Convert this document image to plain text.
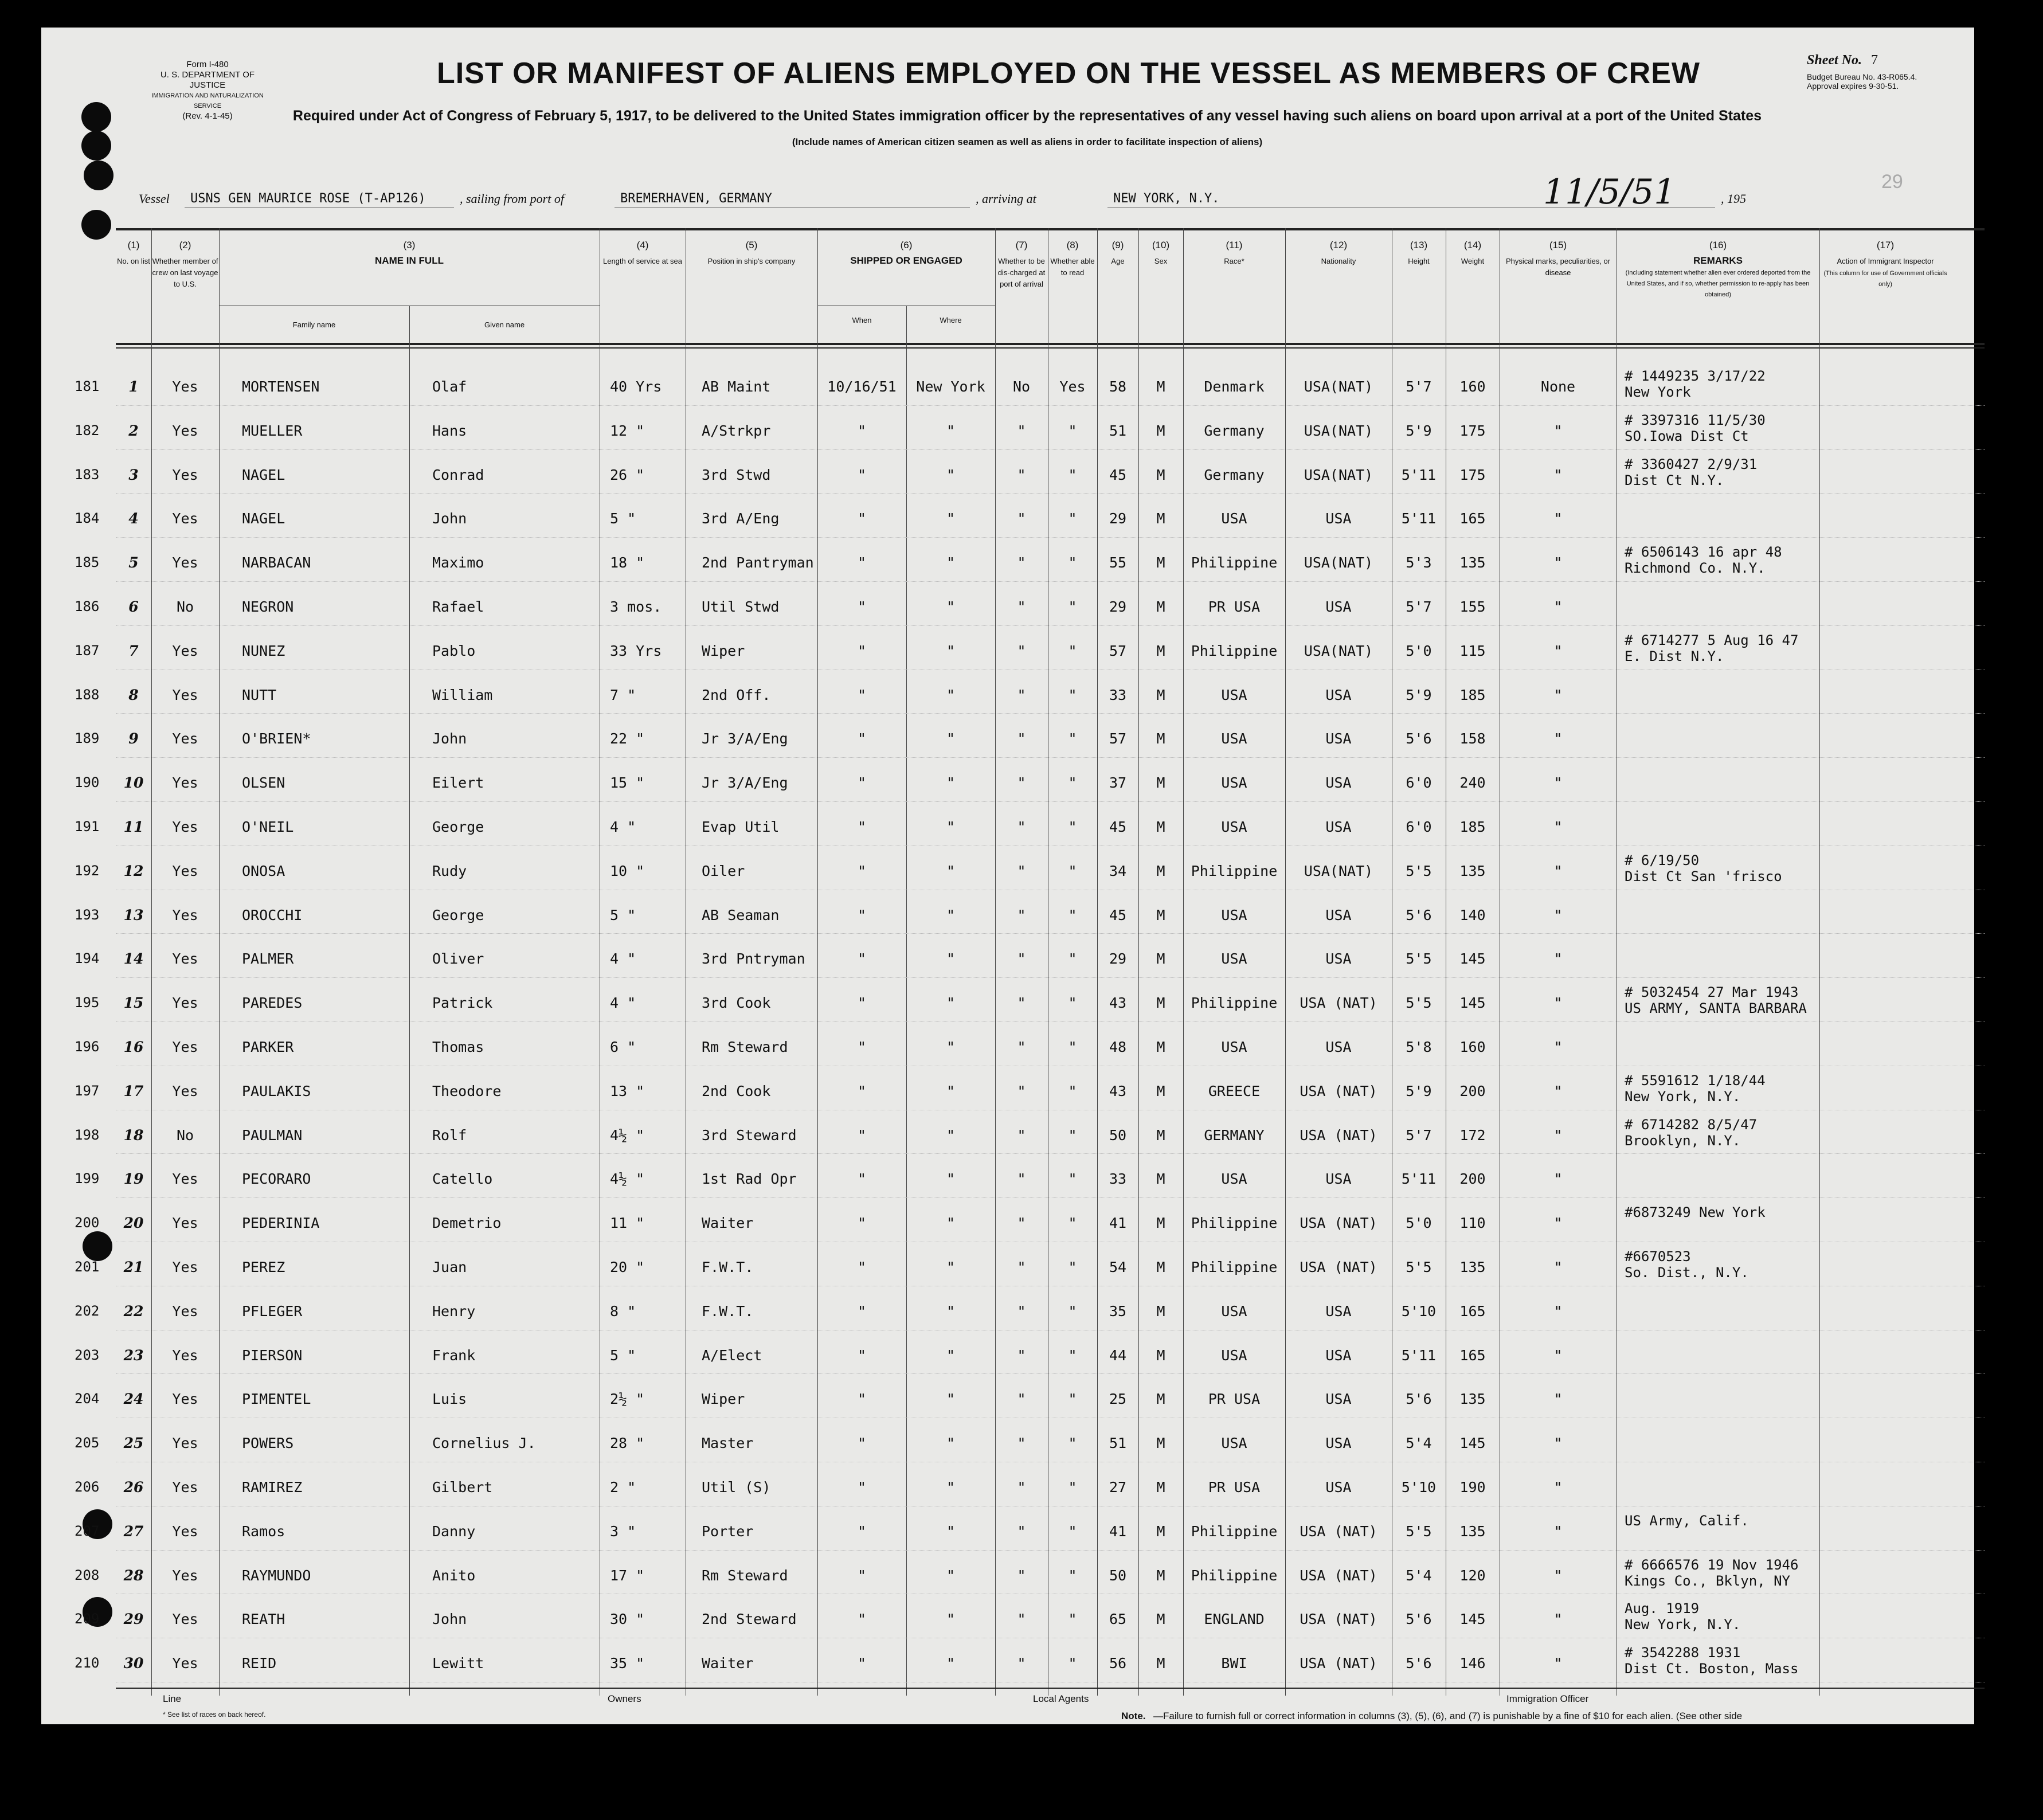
Form I-480
U. S. DEPARTMENT OF JUSTICE
IMMIGRATION AND NATURALIZATION SERVICE
(Rev. 4-1-45)
LIST OR MANIFEST OF ALIENS EMPLOYED ON THE VESSEL AS MEMBERS OF CREW
Required under Act of Congress of February 5, 1917, to be delivered to the United States immigration officer by the representatives of any vessel having such aliens on board upon arrival at a port of the United States
(Include names of American citizen seamen as well as aliens in order to facilitate inspection of aliens)
Sheet No. 7
Budget Bureau No. 43-R065.4.
Approval expires 9-30-51.
29
Vessel USNS GEN MAURICE ROSE (T-AP126)	, sailing from port of	BREMERHAVEN, GERMANY	, arriving at	NEW YORK, N.Y.	11/5/51	, 195
(1)
No. on list
(2)
Whether member of crew on last voyage to U.S.
(3)
NAME IN FULL
Family name	Given name
(4)
Length of service at sea
(5)
Position in ship's company
(6)
SHIPPED OR ENGAGED
When	Where
(7)
Whether to be dis-charged at port of arrival
(8)
Whether able to read
(9)
Age
(10)
Sex
(11)
Race*
(12)
Nationality
(13)
Height
(14)
Weight
(15)
Physical marks, peculiarities, or disease
(16)
REMARKS
(Including statement whether alien ever ordered deported from the United States, and if so, whether permission to re-apply has been obtained)
(17)
Action of Immigrant Inspector
(This column for use of Government officials only)
181	1	Yes	MORTENSEN	Olaf	40 Yrs	AB Maint	10/16/51	New York	No	Yes	58	M	Denmark	USA(NAT)	5'7	160	None
# 1449235 3/17/22
New York
182	2	Yes	MUELLER	Hans	12 "	A/Strkpr	"	"	"	"	51	M	Germany	USA(NAT)	5'9	175	"
# 3397316 11/5/30
SO.Iowa Dist Ct
183	3	Yes	NAGEL	Conrad	26 "	3rd Stwd	"	"	"	"	45	M	Germany	USA(NAT)	5'11	175	"
# 3360427 2/9/31
Dist Ct N.Y.
184	4	Yes	NAGEL	John	5 "	3rd A/Eng	"	"	"	"	29	M	USA	USA	5'11	165	"
185	5	Yes	NARBACAN	Maximo	18 "	2nd Pantryman	"	"	"	"	55	M	Philippine	USA(NAT)	5'3	135	"
# 6506143 16 apr 48
Richmond Co. N.Y.
186	6	No	NEGRON	Rafael	3 mos.	Util Stwd	"	"	"	"	29	M	PR USA	USA	5'7	155	"
187	7	Yes	NUNEZ	Pablo	33 Yrs	Wiper	"	"	"	"	57	M	Philippine	USA(NAT)	5'0	115	"
# 6714277 5 Aug 16 47
E. Dist N.Y.
188	8	Yes	NUTT	William	7 "	2nd Off.	"	"	"	"	33	M	USA	USA	5'9	185	"
189	9	Yes	O'BRIEN*	John	22 "	Jr 3/A/Eng	"	"	"	"	57	M	USA	USA	5'6	158	"
190	10	Yes	OLSEN	Eilert	15 "	Jr 3/A/Eng	"	"	"	"	37	M	USA	USA	6'0	240	"
191	11	Yes	O'NEIL	George	4 "	Evap Util	"	"	"	"	45	M	USA	USA	6'0	185	"
192	12	Yes	ONOSA	Rudy	10 "	Oiler	"	"	"	"	34	M	Philippine	USA(NAT)	5'5	135	"
# 6/19/50
Dist Ct San 'frisco
193	13	Yes	OROCCHI	George	5 "	AB Seaman	"	"	"	"	45	M	USA	USA	5'6	140	"
194	14	Yes	PALMER	Oliver	4 "	3rd Pntryman	"	"	"	"	29	M	USA	USA	5'5	145	"
195	15	Yes	PAREDES	Patrick	4 "	3rd Cook	"	"	"	"	43	M	Philippine	USA (NAT)	5'5	145	"
# 5032454 27 Mar 1943
US ARMY, SANTA BARBARA
196	16	Yes	PARKER	Thomas	6 "	Rm Steward	"	"	"	"	48	M	USA	USA	5'8	160	"
197	17	Yes	PAULAKIS	Theodore	13 "	2nd Cook	"	"	"	"	43	M	GREECE	USA (NAT)	5'9	200	"
# 5591612 1/18/44
New York, N.Y.
198	18	No	PAULMAN	Rolf	4½ "	3rd Steward	"	"	"	"	50	M	GERMANY	USA (NAT)	5'7	172	"
# 6714282 8/5/47
Brooklyn, N.Y.
199	19	Yes	PECORARO	Catello	4½ "	1st Rad Opr	"	"	"	"	33	M	USA	USA	5'11	200	"
200	20	Yes	PEDERINIA	Demetrio	11 "	Waiter	"	"	"	"	41	M	Philippine	USA (NAT)	5'0	110	"
#6873249 New York
201	21	Yes	PEREZ	Juan	20 "	F.W.T.	"	"	"	"	54	M	Philippine	USA (NAT)	5'5	135	"
#6670523
So. Dist., N.Y.
202	22	Yes	PFLEGER	Henry	8 "	F.W.T.	"	"	"	"	35	M	USA	USA	5'10	165	"
203	23	Yes	PIERSON	Frank	5 "	A/Elect	"	"	"	"	44	M	USA	USA	5'11	165	"
204	24	Yes	PIMENTEL	Luis	2½ "	Wiper	"	"	"	"	25	M	PR USA	USA	5'6	135	"
205	25	Yes	POWERS	Cornelius J.	28 "	Master	"	"	"	"	51	M	USA	USA	5'4	145	"
206	26	Yes	RAMIREZ	Gilbert	2 "	Util (S)	"	"	"	"	27	M	PR USA	USA	5'10	190	"
207	27	Yes	Ramos	Danny	3 "	Porter	"	"	"	"	41	M	Philippine	USA (NAT)	5'5	135	"
US Army, Calif.
208	28	Yes	RAYMUNDO	Anito	17 "	Rm Steward	"	"	"	"	50	M	Philippine	USA (NAT)	5'4	120	"
# 6666576 19 Nov 1946
Kings Co., Bklyn, NY
209	29	Yes	REATH	John	30 "	2nd Steward	"	"	"	"	65	M	ENGLAND	USA (NAT)	5'6	145	"
Aug. 1919
New York, N.Y.
210	30	Yes	REID	Lewitt	35 "	Waiter	"	"	"	"	56	M	BWI	USA (NAT)	5'6	146	"
# 3542288 1931
Dist Ct. Boston, Mass
Line	Owners	Local Agents	Immigration Officer
* See list of races on back hereof.	Note. —Failure to furnish full or correct information in columns (3), (5), (6), and (7) is punishable by a fine of $10 for each alien. (See other side
